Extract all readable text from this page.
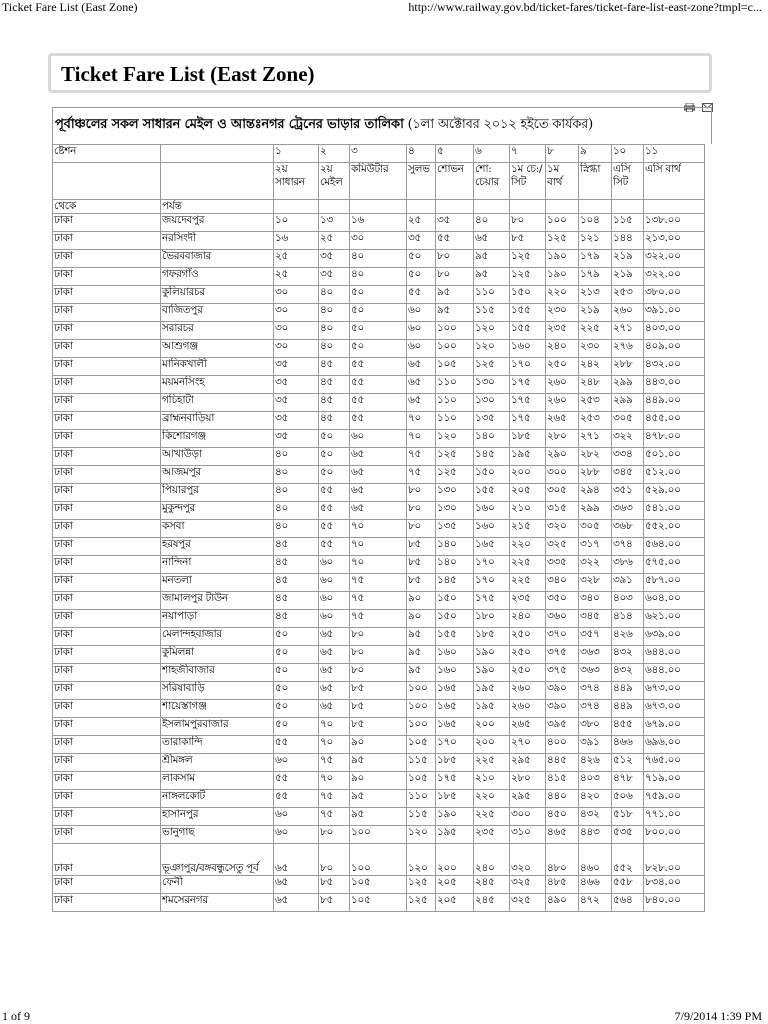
Ticket Fare List (East Zone)	http://www.railway.gov.bd/ticket-fares/ticket-fare-list-east-zone?tmpl=c...
Ticket Fare List (East Zone)

পূর্বাঞ্চলের সকল সাধারন মেইল ও আন্তঃনগর ট্রেনের ভাড়ার তালিকা (১লা অক্টোবর ২০১২ হইতে কার্যকর)
ষ্টেশন		১	২	৩	৪	৫	৬	৭	৮	৯	১০	১১
		২য় সাধারন	২য় মেইল	কমিউটার	সুলভ	শোভন	শো: চেয়ার	১ম চে:/ সিট	১ম বার্থ	স্নিগ্ধা	এসি সিট	এসি বার্থ
থেকে	পর্যন্ত											
ঢাকা	জয়দেবপুর	১০	১৩	১৬	২৫	৩৫	৪০	৮০	১০০	১০৪	১১৫	১৩৮.০০
ঢাকা	নরসিংদী	১৬	২৫	৩০	৩৫	৫৫	৬৫	৮৫	১২৫	১২১	১৪৪	২১৩.০০
ঢাকা	ভৈরববাজার	২৫	৩৫	৪০	৫০	৮০	৯৫	১২৫	১৯০	১৭৯	২১৯	৩২২.০০
ঢাকা	গফরগাঁও	২৫	৩৫	৪০	৫০	৮০	৯৫	১২৫	১৯০	১৭৯	২১৯	৩২২.০০
ঢাকা	কুলিয়ারচর	৩০	৪০	৫০	৫৫	৯৫	১১০	১৫০	২২০	২১৩	২৫৩	৩৮০.০০
ঢাকা	বাজিতপুর	৩০	৪০	৫০	৬০	৯৫	১১৫	১৫৫	২৩০	২১৯	২৬০	৩৯১.০০
ঢাকা	সরারচর	৩০	৪০	৫০	৬০	১০০	১২০	১৫৫	২৩৫	২২৫	২৭১	৪০৩.০০
ঢাকা	আশুগঞ্জ	৩০	৪০	৫০	৬০	১০০	১২০	১৬০	২৪০	২৩০	২৭৬	৪০৯.০০
ঢাকা	মানিকখালী	৩৫	৪৫	৫৫	৬৫	১০৫	১২৫	১৭০	২৫০	২৪২	২৮৮	৪৩২.০০
ঢাকা	ময়মনসিংহ	৩৫	৪৫	৫৫	৬৫	১১০	১৩০	১৭৫	২৬০	২৪৮	২৯৯	৪৪৩.০০
ঢাকা	গচিহাটা	৩৫	৪৫	৫৫	৬৫	১১০	১৩০	১৭৫	২৬০	২৫৩	২৯৯	৪৪৯.০০
ঢাকা	ব্রাহ্মনবাড়িয়া	৩৫	৪৫	৫৫	৭০	১১০	১৩৫	১৭৫	২৬৫	২৫৩	৩০৫	৪৫৫.০০
ঢাকা	কিশোরগঞ্জ	৩৫	৫০	৬০	৭০	১২০	১৪০	১৮৫	২৮০	২৭১	৩২২	৪৭৮.০০
ঢাকা	আখাউড়া	৪০	৫০	৬৫	৭৫	১২৫	১৪৫	১৯৫	২৯০	২৮২	৩৩৪	৫০১.০০
ঢাকা	আজমপুর	৪০	৫০	৬৫	৭৫	১২৫	১৫০	২০০	৩০০	২৮৮	৩৪৫	৫১২.০০
ঢাকা	পিয়ারপুর	৪০	৫৫	৬৫	৮০	১৩০	১৫৫	২০৫	৩০৫	২৯৪	৩৫১	৫২৯.০০
ঢাকা	মুকুন্দপুর	৪০	৫৫	৬৫	৮০	১৩০	১৬০	২১০	৩১৫	২৯৯	৩৬৩	৫৪১.০০
ঢাকা	কসবা	৪০	৫৫	৭০	৮০	১৩৫	১৬০	২১৫	৩২০	৩০৫	৩৬৮	৫৫২.০০
ঢাকা	হরষপুর	৪৫	৫৫	৭০	৮৫	১৪০	১৬৫	২২০	৩২৫	৩১৭	৩৭৪	৫৬৪.০০
ঢাকা	নান্দিনা	৪৫	৬০	৭০	৮৫	১৪০	১৭০	২২৫	৩৩৫	৩২২	৩৮৬	৫৭৫.০০
ঢাকা	মনতলা	৪৫	৬০	৭৫	৮৫	১৪৫	১৭০	২২৫	৩৪০	৩২৮	৩৯১	৫৮৭.০০
ঢাকা	জামালপুর টাউন	৪৫	৬০	৭৫	৯০	১৫০	১৭৫	২৩৫	৩৫০	৩৪০	৪০৩	৬০৪.০০
ঢাকা	নয়াপাড়া	৪৫	৬০	৭৫	৯০	১৫০	১৮০	২৪০	৩৬০	৩৪৫	৪১৪	৬২১.০০
ঢাকা	মেলান্দহবাজার	৫০	৬৫	৮০	৯৫	১৫৫	১৮৫	২৫০	৩৭০	৩৫৭	৪২৬	৬৩৯.০০
ঢাকা	কুমিলন্না	৫০	৬৫	৮০	৯৫	১৬০	১৯০	২৫০	৩৭৫	৩৬৩	৪৩২	৬৪৪.০০
ঢাকা	শাহজীবাজার	৫০	৬৫	৮০	৯৫	১৬০	১৯০	২৫০	৩৭৫	৩৬৩	৪৩২	৬৪৪.০০
ঢাকা	সরিষাবাড়ি	৫০	৬৫	৮৫	১০০	১৬৫	১৯৫	২৬০	৩৯০	৩৭৪	৪৪৯	৬৭৩.০০
ঢাকা	শায়েস্তাগঞ্জ	৫০	৬৫	৮৫	১০০	১৬৫	১৯৫	২৬০	৩৯০	৩৭৪	৪৪৯	৬৭৩.০০
ঢাকা	ইসলামপুরবাজার	৫০	৭০	৮৫	১০০	১৬৫	২০০	২৬৫	৩৯৫	৩৮০	৪৫৫	৬৭৯.০০
ঢাকা	তারাকান্দি	৫৫	৭০	৯০	১০৫	১৭০	২০০	২৭০	৪০০	৩৯১	৪৬৬	৬৯৬.০০
ঢাকা	শ্রীমঙ্গল	৬০	৭৫	৯৫	১১৫	১৮৫	২২৫	২৯৫	৪৪৫	৪২৬	৫১২	৭৬৫.০০
ঢাকা	লাকসাম	৫৫	৭০	৯০	১০৫	১৭৫	২১০	২৮০	৪১৫	৪০৩	৪৭৮	৭১৯.০০
ঢাকা	নাঙ্গলকোট	৫৫	৭৫	৯৫	১১০	১৮৫	২২০	২৯৫	৪৪০	৪২০	৫০৬	৭৫৯.০০
ঢাকা	হাসানপুর	৬০	৭৫	৯৫	১১৫	১৯০	২২৫	৩০০	৪৫০	৪৩২	৫১৮	৭৭১.০০
ঢাকা	ভানুগাছ	৬০	৮০	১০০	১২০	১৯৫	২৩৫	৩১০	৪৬৫	৪৪৩	৫৩৫	৮০০.০০
ঢাকা	ভূঞাপুর/বঙ্গবন্ধুসেতু পূর্ব	৬৫	৮০	১০০	১২০	২০০	২৪০	৩২০	৪৮০	৪৬০	৫৫২	৮২৮.০০
ঢাকা	ফেনী	৬৫	৮৫	১০৫	১২৫	২০৫	২৪৫	৩২৫	৪৮৫	৪৬৬	৫৫৮	৮৩৪.০০
ঢাকা	শমসেরনগর	৬৫	৮৫	১০৫	১২৫	২০৫	২৪৫	৩২৫	৪৯০	৪৭২	৫৬৪	৮৪০.০০
1 of 9	7/9/2014 1:39 PM
